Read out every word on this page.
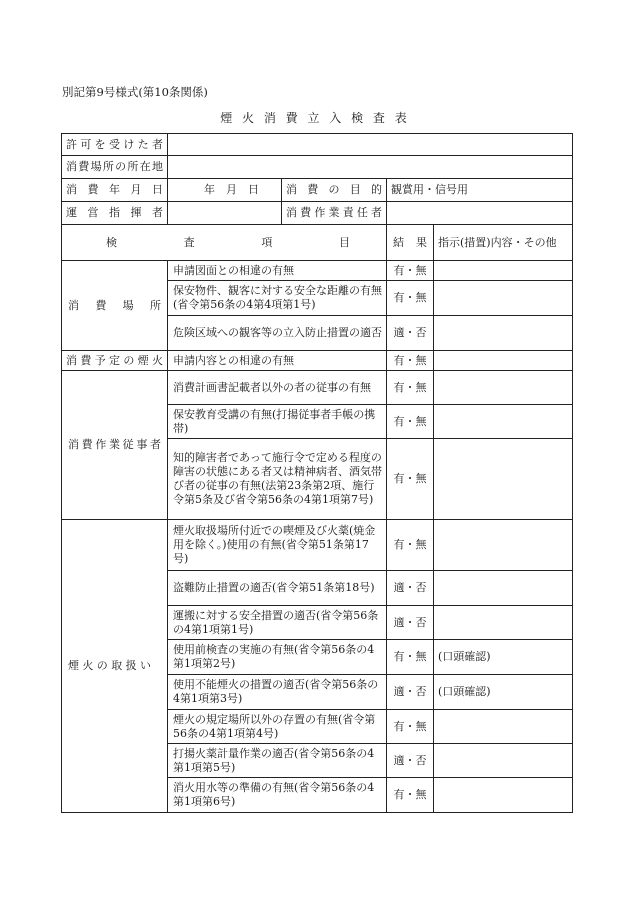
別記第9号様式(第10条関係)
煙 火 消 費 立 入 検 査 表
許可を受けた者				
消費場所の所在地				
消費年月日	年　月　日	消費の目的	観賞用・信号用	
運営指揮者		消費作業責任者		
検査項目			結果	指示(措置)内容・その他
消費場所	申請図面との相違の有無		有・無	
	保安物件、観客に対する安全な距離の有無(省令第56条の4第4項第1号)		有・無	
	危険区域への観客等の立入防止措置の適否		適・否	
消費予定の煙火	申請内容との相違の有無		有・無	
消費作業従事者	消費計画書記載者以外の者の従事の有無		有・無	
	保安教育受講の有無(打揚従事者手帳の携帯)		有・無	
	知的障害者であって施行令で定める程度の障害の状態にある者又は精神病者、酒気帯び者の従事の有無(法第23条第2項、施行令第5条及び省令第56条の4第1項第7号)		有・無	
煙火の取扱い	煙火取扱場所付近での喫煙及び火薬(焼金用を除く。)使用の有無(省令第51条第17号)		有・無	
	盗難防止措置の適否(省令第51条第18号)		適・否	
	運搬に対する安全措置の適否(省令第56条の4第1項第1号)		適・否	
	使用前検査の実施の有無(省令第56条の4第1項第2号)		有・無	(口頭確認)
	使用不能煙火の措置の適否(省令第56条の4第1項第3号)		適・否	(口頭確認)
	煙火の規定場所以外の存置の有無(省令第56条の4第1項第4号)		有・無	
	打揚火薬計量作業の適否(省令第56条の4第1項第5号)		適・否	
	消火用水等の準備の有無(省令第56条の4第1項第6号)		有・無	
